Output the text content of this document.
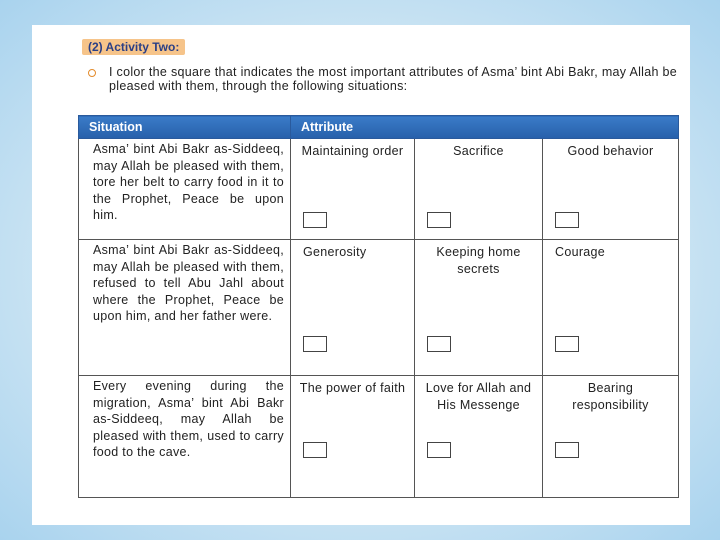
(2) Activity Two:
I color the square that indicates the most important attributes of Asma’ bint Abi Bakr, may Allah be pleased with them, through the following situations:
Situation	Attribute		
Asma’ bint Abi Bakr as-Siddeeq, may Allah be pleased with them, tore her belt to carry food in it to the Prophet, Peace be upon him.	Maintaining order	Sacrifice	Good behavior

Asma’ bint Abi Bakr as-Siddeeq, may Allah be pleased with them, refused to tell Abu Jahl about where the Prophet, Peace be upon him, and her father were.	Generosity	Keeping home secrets	Courage

Every evening during the migration, Asma’ bint Abi Bakr as-Siddeeq, may Allah be pleased with them, used to carry food to the cave.	The power of faith	Love for Allah and His Messenge	Bearing responsibility
